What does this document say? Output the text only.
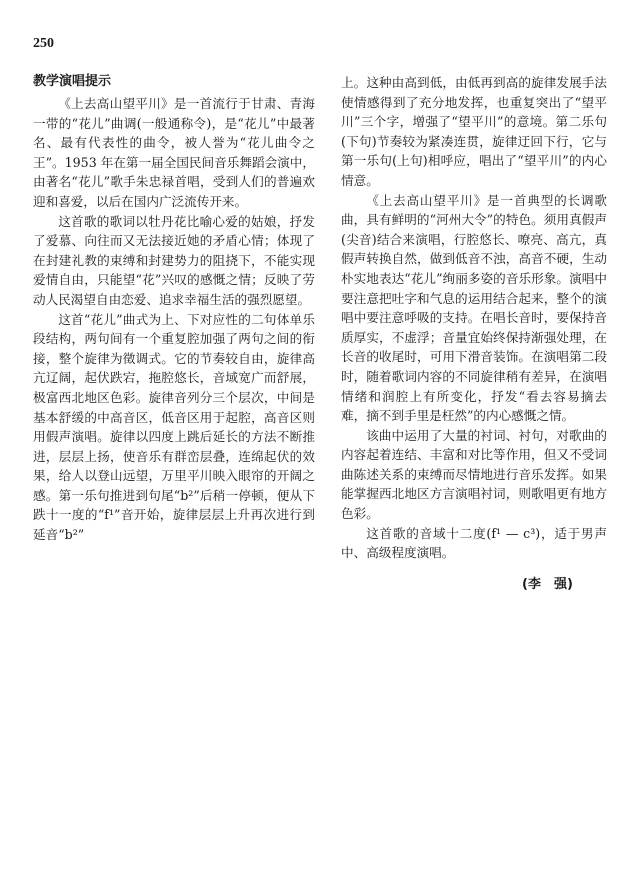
250
教学演唱提示

《上去高山望平川》是一首流行于甘肃、青海一带的“花儿”曲调(一般通称令)，是“花儿”中最著名、最有代表性的曲令，被人誉为“花儿曲令之王”。1953 年在第一届全国民间音乐舞蹈会演中，由著名“花儿”歌手朱忠禄首唱，受到人们的普遍欢迎和喜爱，以后在国内广泛流传开来。

这首歌的歌词以牡丹花比喻心爱的姑娘，抒发了爱慕、向往而又无法接近她的矛盾心情；体现了在封建礼教的束缚和封建势力的阻挠下，不能实现爱情自由，只能望“花”兴叹的感慨之情；反映了劳动人民渴望自由恋爱、追求幸福生活的强烈愿望。

这首“花儿”曲式为上、下对应性的二句体单乐段结构，两句间有一个重复腔加强了两句之间的衔接，整个旋律为徵调式。它的节奏较自由，旋律高亢辽阔，起伏跌宕，拖腔悠长，音域宽广而舒展，极富西北地区色彩。旋律音列分三个层次，中间是基本舒缓的中高音区，低音区用于起腔，高音区则用假声演唱。旋律以四度上跳后延长的方法不断推进，层层上扬，使音乐有群峦层叠，连绵起伏的效果，给人以登山远望，万里平川映入眼帘的开阔之感。第一乐句推进到句尾“b²”后稍一停顿，便从下跌十一度的“f¹”音开始，旋律层层上升再次进行到延音“b²”

上。这种由高到低，由低再到高的旋律发展手法使情感得到了充分地发挥，也重复突出了“望平川”三个字，增强了“望平川”的意境。第二乐句(下句)节奏较为紧凑连贯，旋律迂回下行，它与第一乐句(上句)相呼应，唱出了“望平川”的内心情意。

《上去高山望平川》是一首典型的长调歌曲，具有鲜明的“河州大令”的特色。须用真假声(尖音)结合来演唱，行腔悠长、嘹亮、高亢，真假声转换自然，做到低音不浊，高音不硬，生动朴实地表达“花儿”绚丽多姿的音乐形象。演唱中要注意把吐字和气息的运用结合起来，整个的演唱中要注意呼吸的支持。在唱长音时，要保持音质厚实，不虚浮；音量宜始终保持渐强处理，在长音的收尾时，可用下滑音装饰。在演唱第二段时，随着歌词内容的不同旋律稍有差异，在演唱情绪和润腔上有所变化，抒发“看去容易摘去难，摘不到手里是枉然”的内心感慨之情。

该曲中运用了大量的衬词、衬句，对歌曲的内容起着连结、丰富和对比等作用，但又不受词曲陈述关系的束缚而尽情地进行音乐发挥。如果能掌握西北地区方言演唱衬词，则歌唱更有地方色彩。

这首歌的音域十二度(f¹ — c³)，适于男声中、高级程度演唱。

(李　强)
